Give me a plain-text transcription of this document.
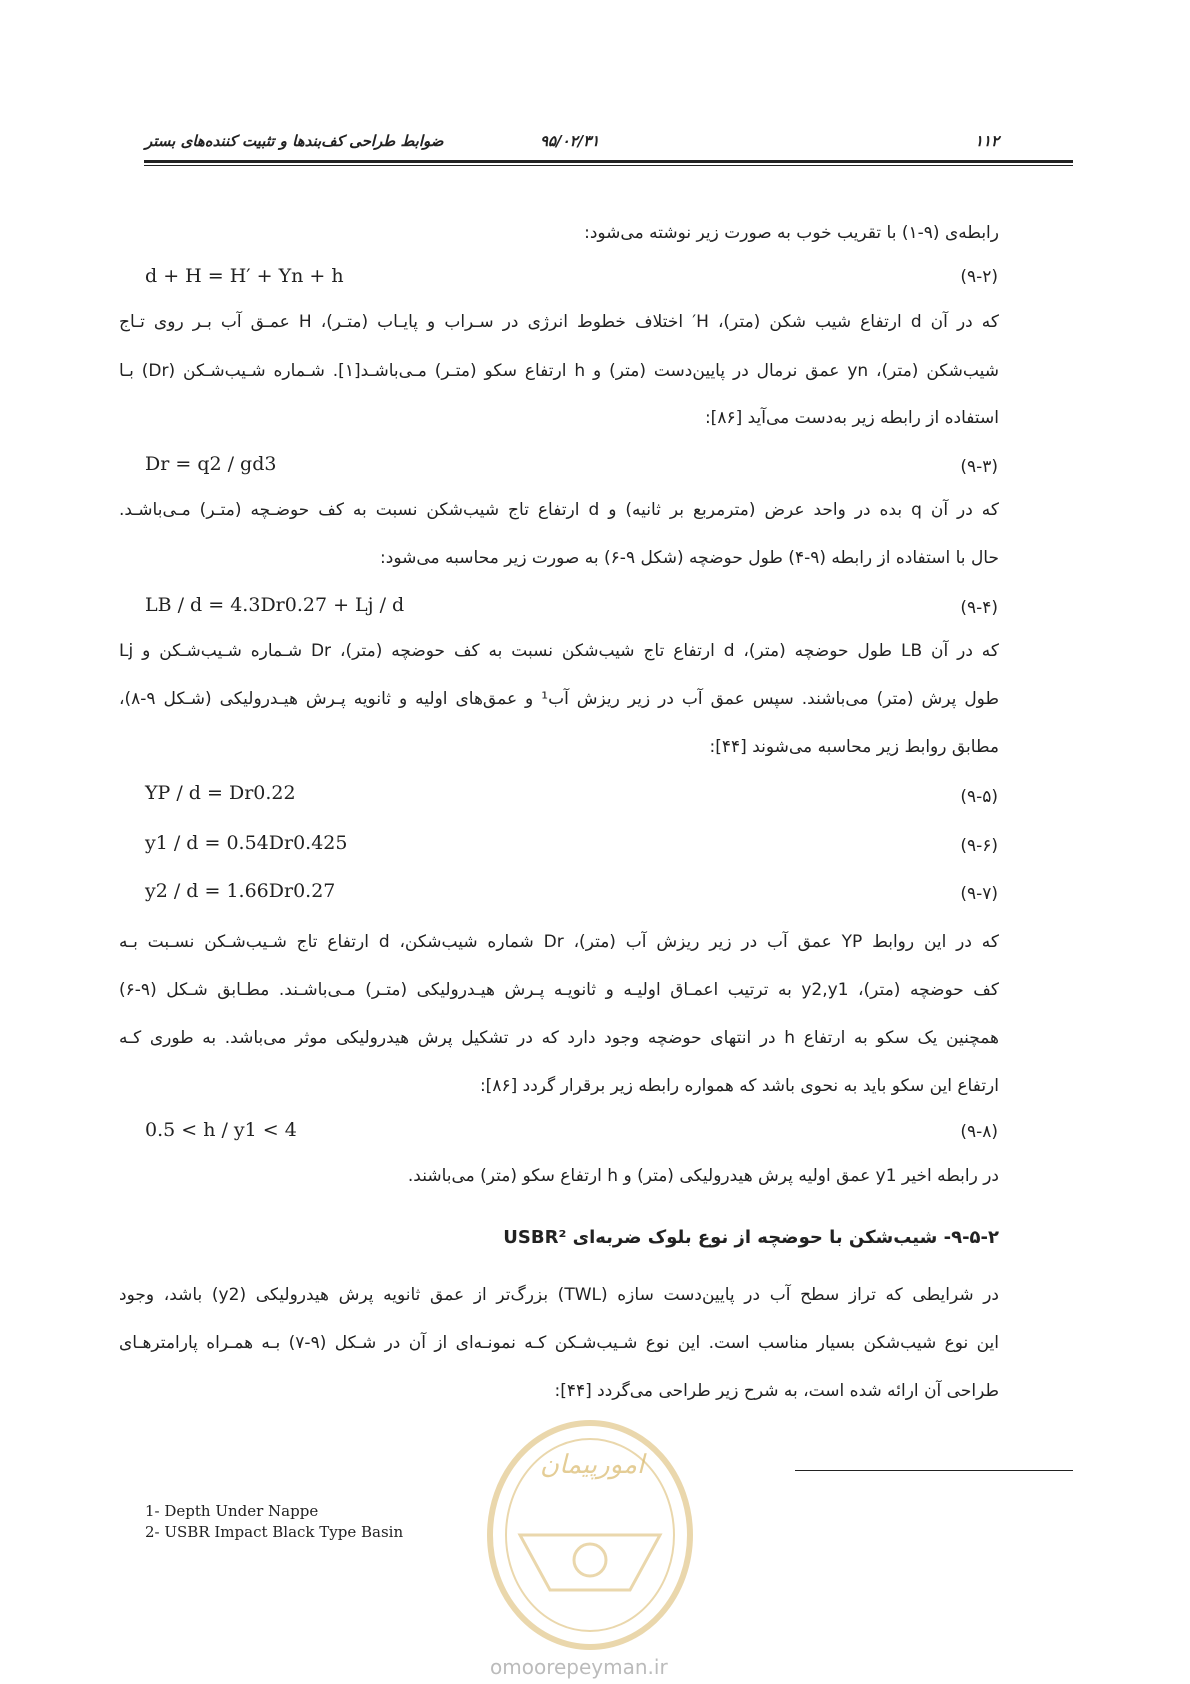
۱۱۲
۹۵/۰۲/۳۱
ضوابط طراحی کف‌بندها و تثبیت کننده‌های بستر
رابطه‌ی (۹-۱) با تقریب خوب به صورت زیر نوشته می‌شود:
که در آن d ارتفاع شیب شکن (متر)، H′ اختلاف خطوط انرژی در سـراب و پایـاب (متـر)، H عمـق آب بـر روی تـاج
شیب‌شکن (متر)، yn عمق نرمال در پایین‌دست (متر) و h ارتفاع سکو (متـر) مـی‌باشـد[۱]. شـماره شـیب‌شـکن (Dr) بـا
استفاده از رابطه زیر به‌دست می‌آید [۸۶]:
که در آن q بده در واحد عرض (مترمربع بر ثانیه) و d ارتفاع تاج شیب‌شکن نسبت به کف حوضـچه (متـر) مـی‌باشـد.
حال با استفاده از رابطه (۹-۴) طول حوضچه (شکل ۹-۶) به صورت زیر محاسبه می‌شود:
که در آن LB طول حوضچه (متر)، d ارتفاع تاج شیب‌شکن نسبت به کف حوضچه (متر)، Dr شـماره شـیب‌شـکن و Lj
طول پرش (متر) می‌باشند. سپس عمق آب در زیر ریزش آب¹ و عمق‌های اولیه و ثانویه پـرش هیـدرولیکی (شـکل ۹-۸)،
مطابق روابط زیر محاسبه می‌شوند [۴۴]:
که در این روابط YP عمق آب در زیر ریزش آب (متر)، Dr شماره شیب‌شکن، d ارتفاع تاج شـیب‌شـکن نسـبت بـه
کف حوضچه (متر)، y2,y1 به ترتیب اعمـاق اولیـه و ثانویـه پـرش هیـدرولیکی (متـر) مـی‌باشـند. مطـابق شـکل (۹-۶)
همچنین یک سکو به ارتفاع h در انتهای حوضچه وجود دارد که در تشکیل پرش هیدرولیکی موثر می‌باشد. به طوری کـه
ارتفاع این سکو باید به نحوی باشد که همواره رابطه زیر برقرار گردد [۸۶]:
در رابطه اخیر y1 عمق اولیه پرش هیدرولیکی (متر) و h ارتفاع سکو (متر) می‌باشند.
در شرایطی که تراز سطح آب در پایین‌دست سازه (TWL) بزرگ‌تر از عمق ثانویه پرش هیدرولیکی (y2) باشد، وجود
این نوع شیب‌شکن بسیار مناسب است. این نوع شـیب‌شـکن کـه نمونـه‌ای از آن در شـکل (۹-۷) بـه همـراه پارامترهـای
طراحی آن ارائه شده است، به شرح زیر طراحی می‌گردد [۴۴]:
d + H = H′ + Yn + h	(۹-۲)
Dr = q2 / gd3	(۹-۳)
LB / d = 4.3Dr0.27 + Lj / d	(۹-۴)
YP / d = Dr0.22	(۹-۵)
y1 / d = 0.54Dr0.425	(۹-۶)
y2 / d = 1.66Dr0.27	(۹-۷)
0.5 < h / y1 < 4	(۹-۸)
۹-۵-۲- شیب‌شکن با حوضچه از نوع بلوک ضربه‌ای USBR²
امورپیمان
omoorepeyman.ir
1- Depth Under Nappe
2- USBR Impact Black Type Basin
